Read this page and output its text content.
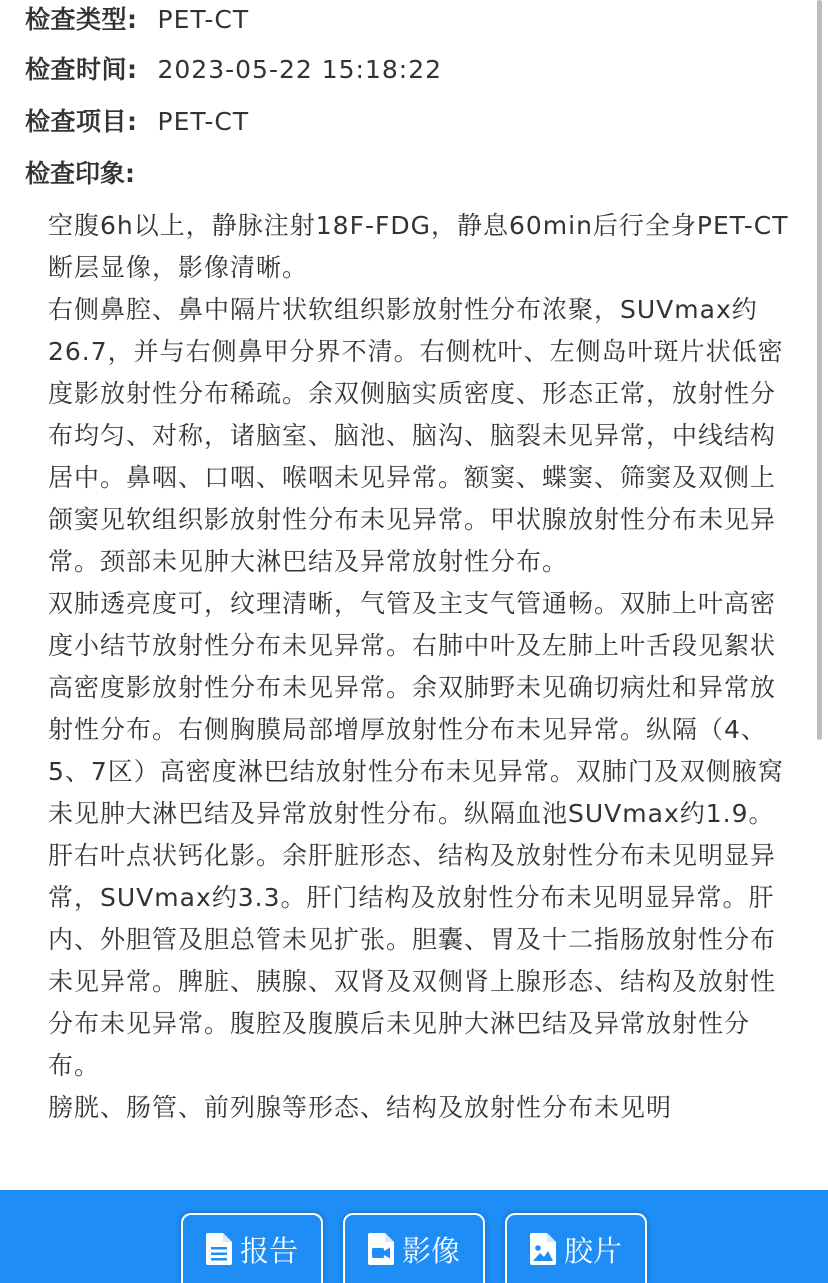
检查类型: PET-CT
检查时间: 2023-05-22 15:18:22
检查项目: PET-CT
检查印象:

空腹6h以上，静脉注射18F-FDG，静息60min后行全身PET-CT断层显像，影像清晰。

右侧鼻腔、鼻中隔片状软组织影放射性分布浓聚，SUVmax约26.7，并与右侧鼻甲分界不清。右侧枕叶、左侧岛叶斑片状低密度影放射性分布稀疏。余双侧脑实质密度、形态正常，放射性分布均匀、对称，诸脑室、脑池、脑沟、脑裂未见异常，中线结构居中。鼻咽、口咽、喉咽未见异常。额窦、蝶窦、筛窦及双侧上颌窦见软组织影放射性分布未见异常。甲状腺放射性分布未见异常。颈部未见肿大淋巴结及异常放射性分布。

双肺透亮度可，纹理清晰，气管及主支气管通畅。双肺上叶高密度小结节放射性分布未见异常。右肺中叶及左肺上叶舌段见絮状高密度影放射性分布未见异常。余双肺野未见确切病灶和异常放射性分布。右侧胸膜局部增厚放射性分布未见异常。纵隔（4、5、7区）高密度淋巴结放射性分布未见异常。双肺门及双侧腋窝未见肿大淋巴结及异常放射性分布。纵隔血池SUVmax约1.9。

肝右叶点状钙化影。余肝脏形态、结构及放射性分布未见明显异常，SUVmax约3.3。肝门结构及放射性分布未见明显异常。肝内、外胆管及胆总管未见扩张。胆囊、胃及十二指肠放射性分布未见异常。脾脏、胰腺、双肾及双侧肾上腺形态、结构及放射性分布未见异常。腹腔及腹膜后未见肿大淋巴结及异常放射性分布。

膀胱、肠管、前列腺等形态、结构及放射性分布未见明

报告	影像	胶片
